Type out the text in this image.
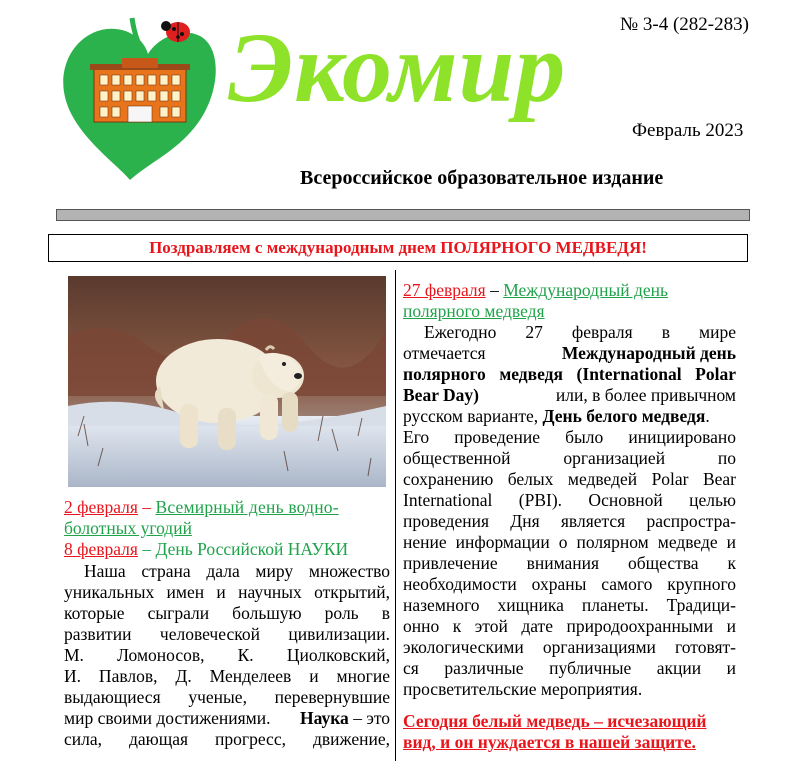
Экомир	№ 3-4 (282-283)
Февраль 2023
Всероссийское образовательное издание
Поздравляем с международным днем ПОЛЯРНОГО МЕДВЕДЯ!
2 февраля – Всемирный день водно-
болотных угодий
8 февраля – День Российской НАУКИ
Наша страна дала миру множество
уникальных имен и научных открытий,
которые сыграли большую роль в
развитии человеческой цивилизации.
М. Ломоносов, К. Циолковский,
И. Павлов, Д. Менделеев и многие
выдающиеся ученые, перевернувшие
мир своими достижениями. Наука – это
сила, дающая прогресс, движение,
27 февраля – Международный день
полярного медведя
Ежегодно 27 февраля в мире
отмечается	Международный день
полярного медведя (International Polar
Bear Day)	или, в более привычном
русском варианте, День белого медведя.
Его проведение было инициировано
общественной организацией по
сохранению белых медведей Polar Bear
International (PBI). Основной целью
проведения Дня является распростра-
нение информации о полярном медведе и
привлечение внимания общества к
необходимости охраны самого крупного
наземного хищника планеты. Традици-
онно к этой дате природоохранными и
экологическими организациями готовят-
ся различные публичные акции и
просветительские мероприятия.
Сегодня белый медведь – исчезающий
вид, и он нуждается в нашей защите.
